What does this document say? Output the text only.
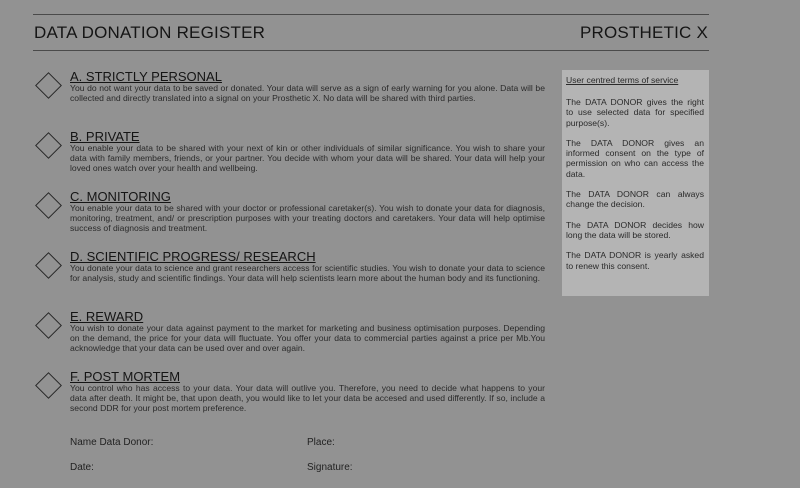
DATA DONATION REGISTER	PROSTHETIC X
A. STRICTLY PERSONAL
You do not want your data to be saved or donated. Your data will serve as a sign of early warning for you alone. Data will be collected and directly translated into a signal on your Prosthetic X. No data will be shared with third parties.
B. PRIVATE
You enable your data to be shared with your next of kin or other individuals of similar significance. You wish to share your data with family members, friends, or your partner. You decide with whom your data will be shared. Your data will help your loved ones watch over your health and wellbeing.
C. MONITORING
You enable your data to be shared with your doctor or professional caretaker(s). You wish to donate your data for diagnosis, monitoring, treatment, and/ or prescription purposes with your treating doctors and caretakers. Your data will help optimise success of diagnosis and treatment.
D. SCIENTIFIC PROGRESS/ RESEARCH
You donate your data to science and grant researchers access for scientific studies. You wish to donate your data to science for analysis, study and scientific findings. Your data will help scientists learn more about the human body and its functioning.
E. REWARD
You wish to donate your data against payment to the market for marketing and business optimisation purposes. Depending on the demand, the price for your data will fluctuate. You offer your data to commercial parties against a price per Mb.You acknowledge that your data can be used over and over again.
F. POST MORTEM
You control who has access to your data. Your data will outlive you. Therefore, you need to decide what happens to your data after death. It might be, that upon death, you would like to let your data be accesed and used differently. If so, include a second DDR for your post mortem preference.
Name Data Donor:	Place:
Date:	Signature:
User centred terms of service

The DATA DONOR gives the right to use selected data for specified purpose(s).

The DATA DONOR gives an informed consent on the type of permission on who can access the data.

The DATA DONOR can always change the decision.

The DATA DONOR decides how long the data will be stored.

The DATA DONOR is yearly asked to renew this consent.
